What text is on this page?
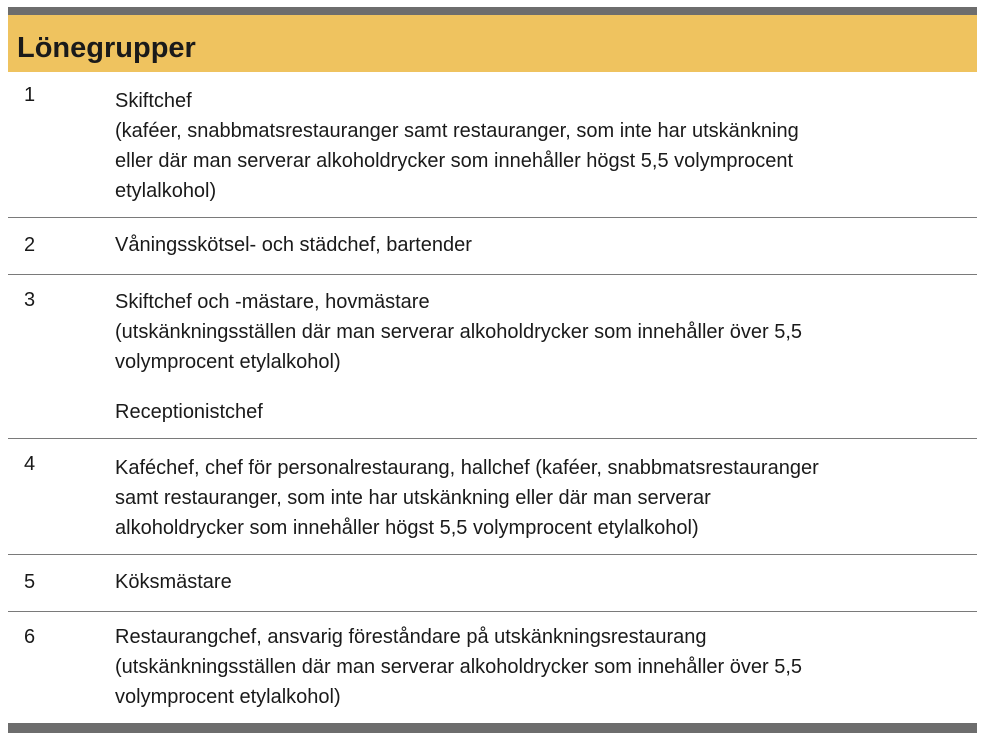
Lönegrupper
1	Skiftchef
(kaféer, snabbmatsrestauranger samt restauranger, som inte har utskänkning
eller där man serverar alkoholdrycker som innehåller högst 5,5 volymprocent
etylalkohol)
2	Våningsskötsel- och städchef, bartender
3	Skiftchef och -mästare, hovmästare
(utskänkningsställen där man serverar alkoholdrycker som innehåller över 5,5
volymprocent etylalkohol)
Receptionistchef
4	Kaféchef, chef för personalrestaurang, hallchef (kaféer, snabbmatsrestauranger
samt restauranger, som inte har utskänkning eller där man serverar
alkoholdrycker som innehåller högst 5,5 volymprocent etylalkohol)
5	Köksmästare
6	Restaurangchef, ansvarig föreståndare på utskänkningsrestaurang
(utskänkningsställen där man serverar alkoholdrycker som innehåller över 5,5
volymprocent etylalkohol)
